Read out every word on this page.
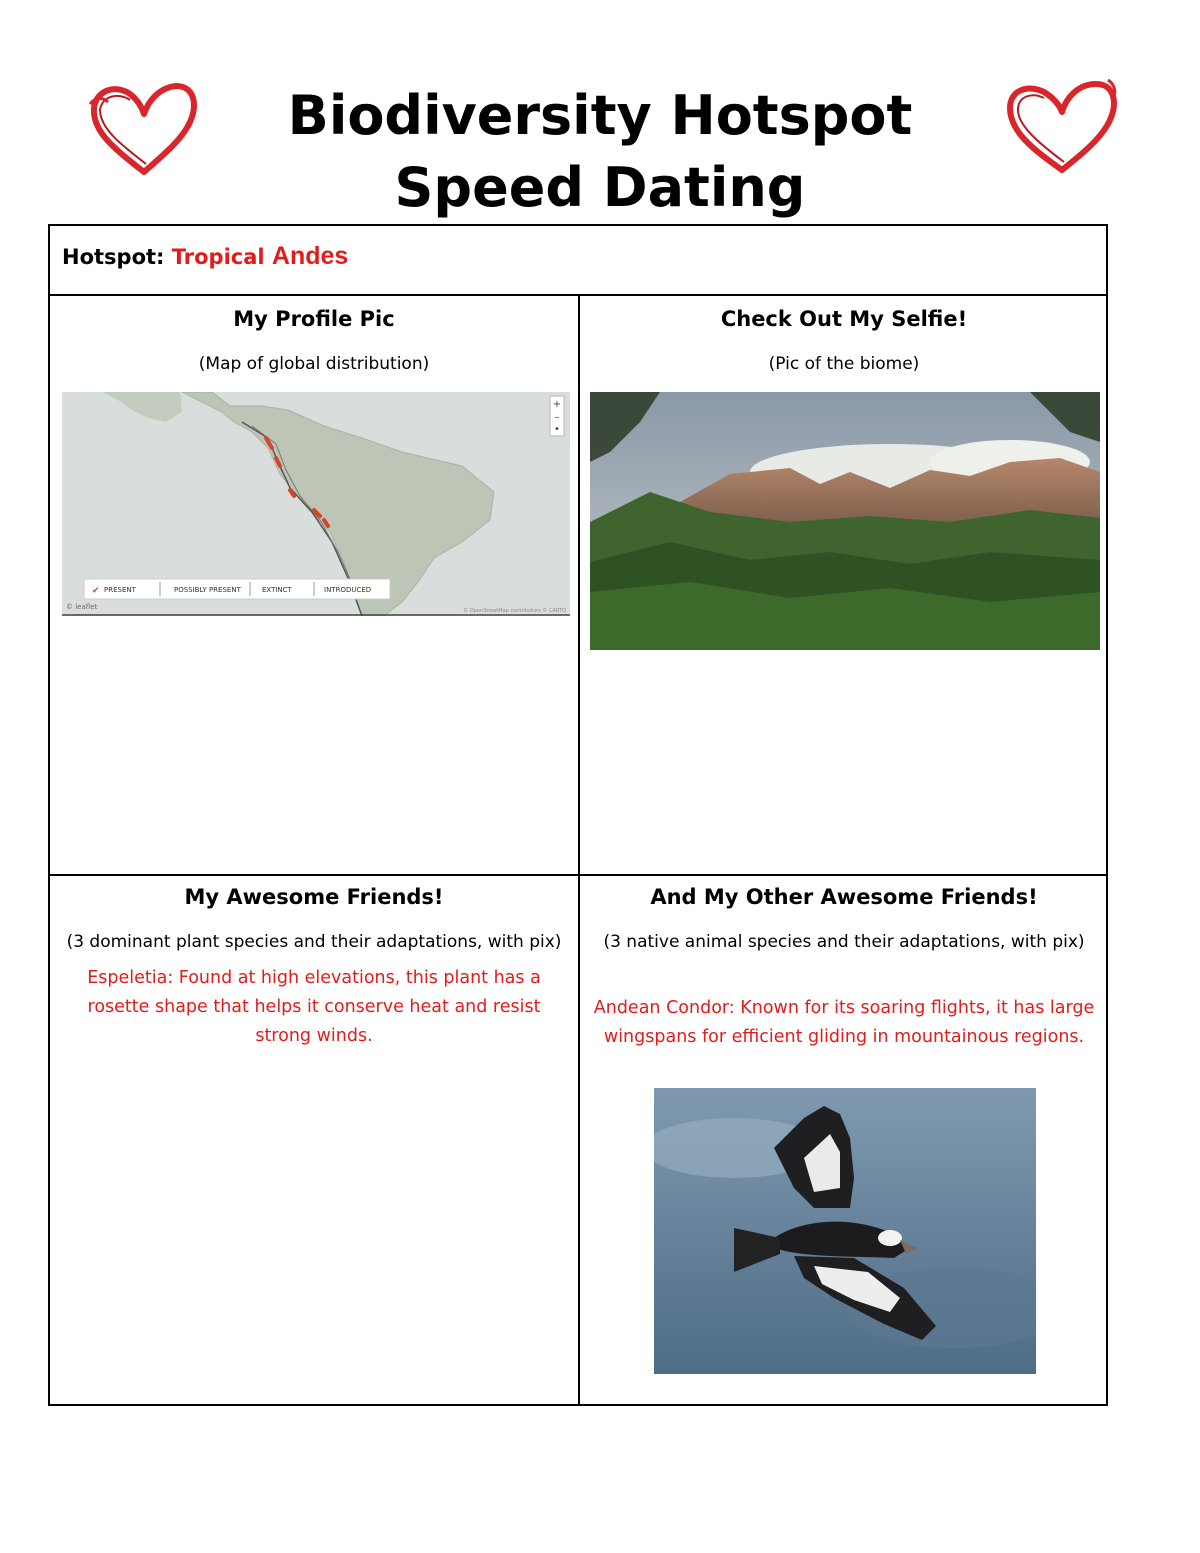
Biodiversity Hotspot
Speed Dating
Hotspot: Tropical Andes
My Profile Pic

(Map of global distribution)

+
–
•
✔ PRESENT	POSSIBLY PRESENT	EXTINCT	INTRODUCED
© leaflet	© OpenStreetMap contributors © CARTO
Check Out My Selfie!

(Pic of the biome)

My Awesome Friends!

(3 dominant plant species and their adaptations, with pix)

Espeletia: Found at high elevations, this plant has a rosette shape that helps it conserve heat and resist strong winds.

And My Other Awesome Friends!

(3 native animal species and their adaptations, with pix)

Andean Condor: Known for its soaring flights, it has large wingspans for efficient gliding in mountainous regions.
